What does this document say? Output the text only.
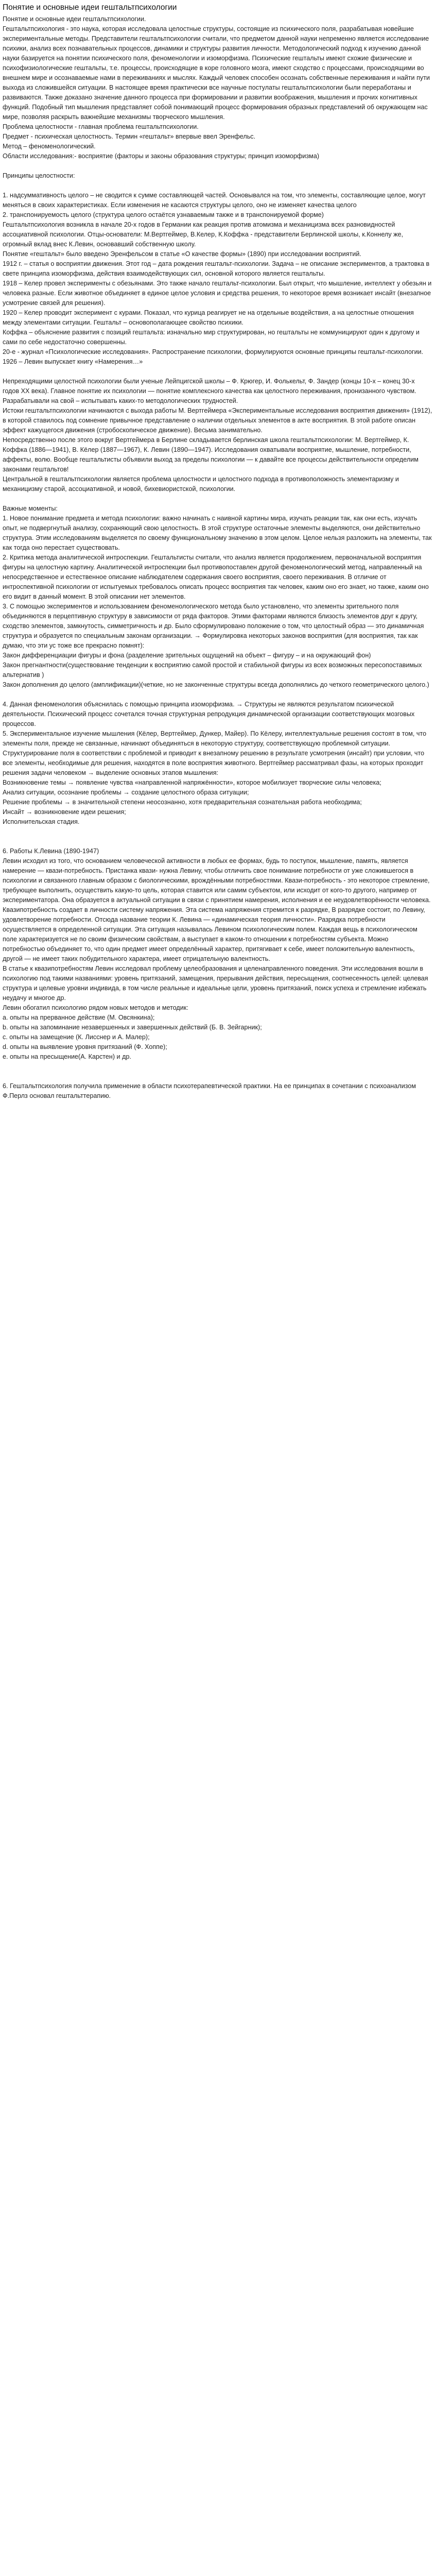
Понятие и основные идеи гештальтпсихологии

Понятие и основные идеи гештальтпсихологии.

Гештальтпсихология - это наука, которая исследовала целостные структуры, состоящие из психического поля, разрабатывая новейшие экспериментальные методы. Представители гештальтпсихологии считали, что предметом данной науки непременно является исследование психики, анализ всех познавательных процессов, динамики и структуры развития личности. Методологический подход к изучению данной науки базируется на понятии психического поля, феноменологии и изоморфизма. Психические гештальты имеют схожие физические и психофизиологические гештальты, т.е. процессы, происходящие в коре головного мозга, имеют сходство с процессами, происходящими во внешнем мире и осознаваемые нами в переживаниях и мыслях. Каждый человек способен осознать собственные переживания и найти пути выхода из сложившейся ситуации. В настоящее время практически все научные постулаты гештальтпсихологии были переработаны и развиваются. Также доказано значение данного процесса при формировании и развитии воображения, мышления и прочих когнитивных функций. Подобный тип мышления представляет собой понимающий процесс формирования образных представлений об окружающем нас мире, позволяя раскрыть важнейшие механизмы творческого мышления.

Проблема целостности - главная проблема гештальтпсихологии.

Предмет - психическая целостность. Термин «гештальт» впервые ввел Эренфельс.

Метод – феноменологический.

Области исследования:- восприятие (факторы и законы образования структуры; принцип изоморфизма)

Принципы целостности:

1. надсуммативность целого – не сводится к сумме составляющей частей. Основывался на том, что элементы, составляющие целое, могут меняться в своих характеристиках. Если изменения не касаются структуры целого, оно не изменяет качества целого

2. транспонируемость целого (структура целого остаётся узнаваемым также и в транспонируемой форме)

Гештальтпсихология возникла в начале 20-х годов в Германии как реакция против атомизма и механицизма всех разновидностей ассоциативной психологии. Отцы-основатели: М.Вертгеймер, В.Келер, К.Коффка - представители Берлинской школы, к.Коннелу же, огромный вклад внес К.Левин, основавший собственную школу.

Понятие «гештальт» было введено Эренфельсом в статье «О качестве формы» (1890) при исследовании восприятий.

1912 г. – статья о восприятии движения. Этот год – дата рождения гештальт-психологии. Задача – не описание экспериментов, а трактовка в свете принципа изоморфизма, действия взаимодействующих сил, основной которого является гештальты.

1918 – Келер провел эксперименты с обезьянами. Это также начало гештальт-психологии. Был открыт, что мышление, интеллект у обезьян и человека разные. Если животное объединяет в единое целое условия и средства решения, то некоторое время возникает инсайт (внезапное усмотрение связей для решения).

1920 – Келер проводит эксперимент с курами. Показал, что курица реагирует не на отдельные воздействия, а на целостные отношения между элементами ситуации. Гештальт – основополагающее свойство психики.

Коффка – объяснение развития с позиций гештальта: изначально мир структурирован, но гештальты не коммуницируют один к другому и сами по себе недостаточно совершенны.

20-е - журнал «Психологические исследования». Распространение психологии, формулируются основные принципы гештальт-психологии.

1926 – Левин выпускает книгу «Намерения…»

Непреходящими целостной психологии были ученые Лейпцигской школы – Ф. Крюгер, И. Фолькельт, Ф. Зандер (концы 10-х – конец 30-х годов XX века). Главное понятие их психологии — понятие комплексного качества как целостного переживания, пронизанного чувством. Разрабатывали на свой – испытывать каких-то методологических трудностей.

Истоки гештальтпсихологии начинаются с выхода работы М. Вертгеймера «Экспериментальные исследования восприятия движения» (1912), в которой ставилось под сомнение привычное представление о наличии отдельных элементов в акте восприятия. В этой работе описан эффект кажущегося движения (стробоскопическое движение). Весьма занимательно.

Непосредственно после этого вокруг Вертгеймера в Берлине складывается берлинская школа гештальтпсихологии: М. Вертгеймер, К. Коффка (1886—1941), В. Кёлер (1887—1967), К. Левин (1890—1947). Исследования охватывали восприятие, мышление, потребности, аффекты, волю. Вообще гештальтисты объявили выход за пределы психологии — к давайте все процессы действительности определим законами гештальтов!

Центральной в гештальтпсихологии является проблема целостности и целостного подхода в противоположность элементаризму и механицизму старой, ассоциативной, и новой, бихевиористской, психологии.

Важные моменты:

1. Новое понимание предмета и метода психологии: важно начинать с наивной картины мира, изучать реакции так, как они есть, изучать опыт, не подвергнутый анализу, сохраняющий свою целостность. В этой структуре остаточные элементы выделяются, они действительно структура. Этим исследованиям выделяется по своему функциональному значению в этом целом. Целое нельзя разложить на элементы, так как тогда оно перестает существовать.

2. Критика метода аналитической интроспекции. Гештальтисты считали, что анализ является продолжением, первоначальной восприятия фигуры на целостную картину. Аналитической интроспекции был противопоставлен другой феноменологический метод, направленный на непосредственное и естественное описание наблюдателем содержания своего восприятия, своего переживания. В отличие от интроспективной психологии от испытуемых требовалось описать процесс восприятия так человек, каким оно его знает, но также, каким оно его видит в данный момент. В этой описании нет элементов.

3. С помощью экспериментов и использованием феноменологического метода было установлено, что элементы зрительного поля объединяются в перцептивную структуру в зависимости от ряда факторов. Этими факторами являются близость элементов друг к другу, сходство элементов, замкнутость, симметричность и др. Было сформулировано положение о том, что целостный образ — это динамичная структура и образуется по специальным законам организации. → Формулировка некоторых законов восприятия (для восприятия, так как думаю, что эти ус тоже все прекрасно помнят):

Закон дифференциации фигуры и фона (разделение зрительных ощущений на объект – фигуру – и на окружающий фон)

Закон прегнантности(существование тенденции к восприятию самой простой и стабильной фигуры из всех возможных пересопоставимых альтернатив )

Закон дополнения до целого (амплификации)(четкие, но не законченные структуры всегда дополнялись до четкого геометрического целого.)

4. Данная феноменология объяснилась с помощью принципа изоморфизма. → Структуры не являются результатом психической деятельности. Психический процесс сочетался точная структурная репродукция динамической организации соответствующих мозговых процессов.

5. Экспериментальное изучение мышления (Кёлер, Вертгеймер, Дункер, Майер). По Кёлеру, интеллектуальные решения состоят в том, что элементы поля, прежде не связанные, начинают объединяться в некоторую структуру, соответствующую проблемной ситуации. Структурирование поля в соответствии с проблемой и приводит к внезапному решению в результате усмотрения (инсайт) при условии, что все элементы, необходимые для решения, находятся в поле восприятия животного. Вертгеймер рассматривал фазы, на которых проходит решения задачи человеком → выделение основных этапов мышления:

Возникновение темы → появление чувства «направленной напряжённости», которое мобилизует творческие силы человека;

Анализ ситуации, осознание проблемы → создание целостного образа ситуации;

Решение проблемы → в значительной степени неосознанно, хотя предварительная сознательная работа необходима;

Инсайт → возникновение идеи решения;

Исполнительская стадия.

6. Работы К.Левина (1890-1947)

Левин исходил из того, что основанием человеческой активности в любых ее формах, будь то поступок, мышление, память, является намерение — квази-потребность. Пристанка квази- нужна Левину, чтобы отличить свое понимание потребности от уже сложившегося в психологии и связанного главным образом с биологическими, врождёнными потребностями. Квази-потребность - это некоторое стремление, требующее выполнить, осуществить какую-то цель, которая ставится или самим субъектом, или исходит от кого-то другого, например от экспериментатора. Она образуется в актуальной ситуации в связи с принятием намерения, исполнения и ее неудовлетворённости человека. Квазипотребность создает в личности систему напряжения. Эта система напряжения стремится к разрядке, В разрядке состоит, по Левину, удовлетворение потребности. Отсюда название теории К. Левина — «динамическая теория личности». Разрядка потребности осуществляется в определенной ситуации. Эта ситуация называлась Левином психологическим полем. Каждая вещь в психологическом поле характеризуется не по своим физическим свойствам, а выступает в каком-то отношении к потребностям субъекта. Можно потребностью объединяет то, что один предмет имеет определённый характер, притягивает к себе, имеет положительную валентность, другой — не имеет таких побудительного характера, имеет отрицательную валентность.

В статье к квазипотребностям Левин исследовал проблему целеобразования и целенаправленного поведения. Эти исследования вошли в психологию под такими названиями: уровень притязаний, замещения, прерывания действия, пересыщения, соотнесенность целей: целевая структура и целевые уровни индивида, в том числе реальные и идеальные цели, уровень притязаний, поиск успеха и стремление избежать неудачу и многое др.

Левин обогатил психологию рядом новых методов и методик:

a. опыты на прерванное действие (М. Овсянкина);

b. опыты на запоминание незавершенных и завершенных действий (Б. В. Зейгарник);

c. опыты на замещение (К. Лисснер и А. Малер);

d. опыты на выявление уровня притязаний (Ф. Хоппе);

e. опыты на пресыщение(А. Карстен) и др.

6. Гештальтпсихология получила применение в области психотерапевтической практики. На ее принципах в сочетании с психоанализом Ф.Перлз основал гештальттерапию.
